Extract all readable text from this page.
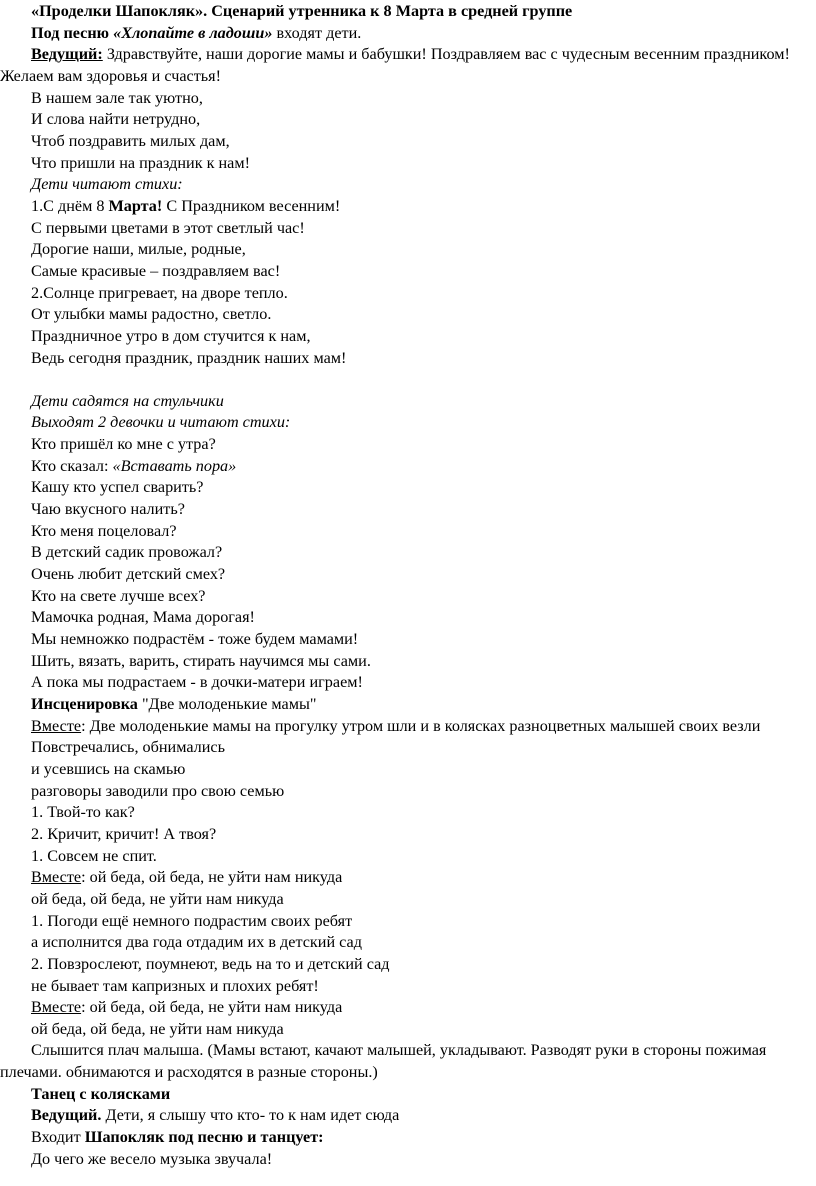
«Проделки Шапокляк». Сценарий утренника к 8 Марта в средней группе
Под песню «Хлопайте в ладоши» входят дети.
Ведущий: Здравствуйте, наши дорогие мамы и бабушки! Поздравляем вас с чудесным весенним праздником! Желаем вам здоровья и счастья!
В нашем зале так уютно,
И слова найти нетрудно,
Чтоб поздравить милых дам,
Что пришли на праздник к нам!
Дети читают стихи:
1.С днём 8 Марта! С Праздником весенним!
С первыми цветами в этот светлый час!
Дорогие наши, милые, родные,
Самые красивые – поздравляем вас!
2.Солнце пригревает, на дворе тепло.
От улыбки мамы радостно, светло.
Праздничное утро в дом стучится к нам,
Ведь сегодня праздник, праздник наших мам!
Дети садятся на стульчики
Выходят 2 девочки и читают стихи:
Кто пришёл ко мне с утра?
Кто сказал: «Вставать пора»
Кашу кто успел сварить?
Чаю вкусного налить?
Кто меня поцеловал?
В детский садик провожал?
Очень любит детский смех?
Кто на свете лучше всех?
Мамочка родная, Мама дорогая!
Мы немножко подрастём - тоже будем мамами!
Шить, вязать, варить, стирать научимся мы сами.
А пока мы подрастаем - в дочки-матери играем!
Инсценировка "Две молоденькие мамы"
Вместе: Две молоденькие мамы на прогулку утром шли и в колясках разноцветных малышей своих везли
Повстречались, обнимались
и усевшись на скамью
разговоры заводили про свою семью
1. Твой-то как?
2. Кричит, кричит! А твоя?
1. Совсем не спит.
Вместе: ой беда, ой беда, не уйти нам никуда
ой беда, ой беда, не уйти нам никуда
1. Погоди ещё немного подрастим своих ребят
а исполнится два года отдадим их в детский сад
2. Повзрослеют, поумнеют, ведь на то и детский сад
не бывает там капризных и плохих ребят!
Вместе: ой беда, ой беда, не уйти нам никуда
ой беда, ой беда, не уйти нам никуда
Слышится плач малыша. (Мамы встают, качают малышей, укладывают. Разводят руки в стороны пожимая плечами. обнимаются и расходятся в разные стороны.)
Танец с колясками
Ведущий. Дети, я слышу что кто- то к нам идет сюда
Входит Шапокляк под песню и танцует:
До чего же весело музыка звучала!
